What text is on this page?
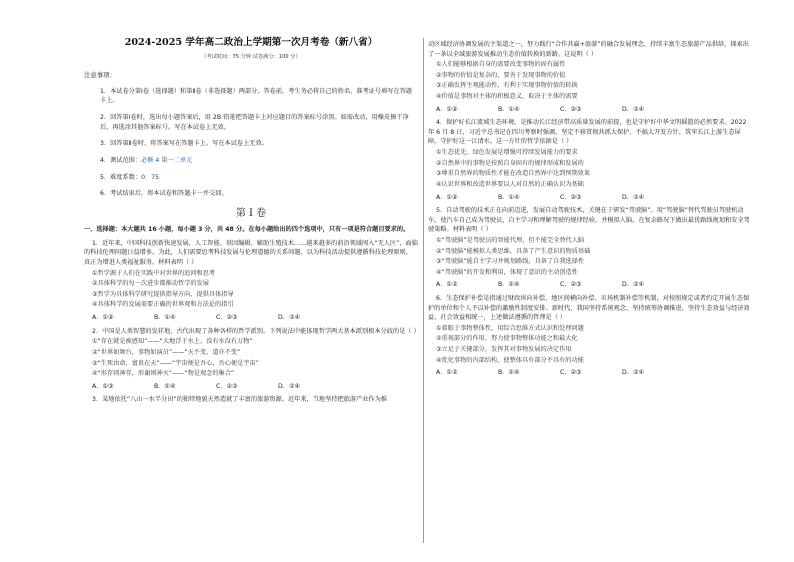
2024-2025 学年高二政治上学期第一次月考卷（新八省）
（考试时间：75 分钟 试卷满分：100 分）
注意事项：
1．本试卷分第Ⅰ卷（选择题）和第Ⅱ卷（非选择题）两部分。答卷前，考生务必将自己的姓名、准考证号填写在答题卡上。
2．回答第Ⅰ卷时，选出每小题答案后，用 2B 铅笔把答题卡上对应题目的答案标号涂黑。如需改动，用橡皮擦干净后，再选涂其他答案标号。写在本试卷上无效。
3．回答第Ⅱ卷时，将答案写在答题卡上。写在本试卷上无效。
4．测试范围：必修 4 第一二单元
5．难度系数：0．75
6．考试结束后，将本试卷和答题卡一并交回。
第 Ⅰ 卷
一、选择题：本大题共 16 小题，每小题 3 分，共 48 分。在每小题给出的四个选项中，只有一项是符合题目要求的。
1．近年来，中国科技创新快速发展，人工智能、基因编辑、辅助生殖技术……越来越多的前沿领域闯入“无人区”，面临的科技伦理问题日益增多。为此，人们需要思考科技发展与伦理道德的关系问题，以为科技活动提供遵循科技伦理原则，真正为增进人类福祉服务。材料表明（ ）
①哲学源于人们在实践中对世界的追问和思考
②具体科学的每一次进步都推动哲学的发展
③哲学为具体科学研究提供指导方向，提供具体指导
④具体科学的发展需要正确的世界观和方法论的指引
A．①②	B．①④	C．②③	D．③④
2．中国是人类智慧的发祥地，古代出现了各种各样的哲学派别。下列说法中能体现哲学两大基本派别根本分歧的是（ ）
①“存在就是被感知”——“大地浮于水上，没有水没有万物”
②“世界如舞台，事物如演员”——“天不变，道亦不变”
③“生死由命，富贵在天”——“宇宙便是吾心，吾心便是宇宙”
④“形存则神存，形谢则神灭”——“物是观念的集合”
A．①③	B．①④	C．②③	D．②④
3．某地依托“八山一水半分田”的独特地貌天然造就了丰富的旅游资源。近年来，当地坚持把旅游产业作为推
动区域经济协调发展的主渠道之一，努力践行“合作共赢+旅游”的融合发展理念，持续丰富生态旅游产品供给，探索出了一条以全域旅游发展推动生态价值转换的新路。这说明（ ）
①人们能够根据自身的需要改变事物的固有属性
②事物的价值是复杂的，要善于发现事物的价值
③正确发挥主观能动性，有利于实现事物价值的转换
④价值是事物对主体的积极意义，取决于主体的需要
A．①②	B．①④	C．②③	D．③④
4．保护好长江流域生态环境，是推动长江经济带高质量发展的前提，也是守护好中华文明摇篮的必然要求。2022 年 6 月 8 日，习近平总书记在四川考察时强调，坚定不移贯彻共抓大保护、不搞大开发方针，筑牢长江上游生态屏障，守护好这一江清水。这一方针的哲学依据是（ ）
①生态优先、绿色发展是增强可持续发展能力的要求
②自然界中的事物是按照自身固有的规律形成和发展的
③尊重自然界的物质性才能在改造自然界中达到预期效果
④认识世界和改造世界要以人对自然的正确认识为基础
A．①②	B．①④	C．②③	D．③④
5．自动驾驶的技术正在向前迈进，发展自动驾驶技术，关键在于研发“驾驶脑”。用“驾驶脑”替代驾驶员驾驶机动车，使汽车自己成为驾驶员，自主学习和理解驾驶的规律经验，并模拟人脑，在复杂路况下做出最优路线规划和安全驾驶策略。材料表明（ ）
①“驾驶脑”是驾驶员的智能代理，但不能完全替代人脑
②“驾驶脑”能模拟人类思维，具备了产生意识的物质基础
③“驾驶脑”能自主学习并规划路线，具备了自我选择性
④“驾驶脑”的开发和利用，体现了意识的主动创造性
A．①②	B．①④	C．②③	D．③④
6．生态保护补偿是指通过财政纵向补偿、地区间横向补偿、市场机制补偿等机制，对按照规定或者约定开展生态保护的单位和个人予以补偿的激励性制度安排。新时代，我国坚持系统观念，坚持统筹协调推进，坚持生态效益与经济效益、社会效益相统一，上述做法遵循的哲理是（ ）
①着眼于事物整体性，用综合思维方式认识和处理问题
②重视部分的作用，努力使事物整体功能之和最大化
③立足于关键部分，发挥其对事物发展的决定作用
④优化事物的内部结构，使整体具有部分不具有的功能
A．①②	B．①④	C．②③	D．③④
